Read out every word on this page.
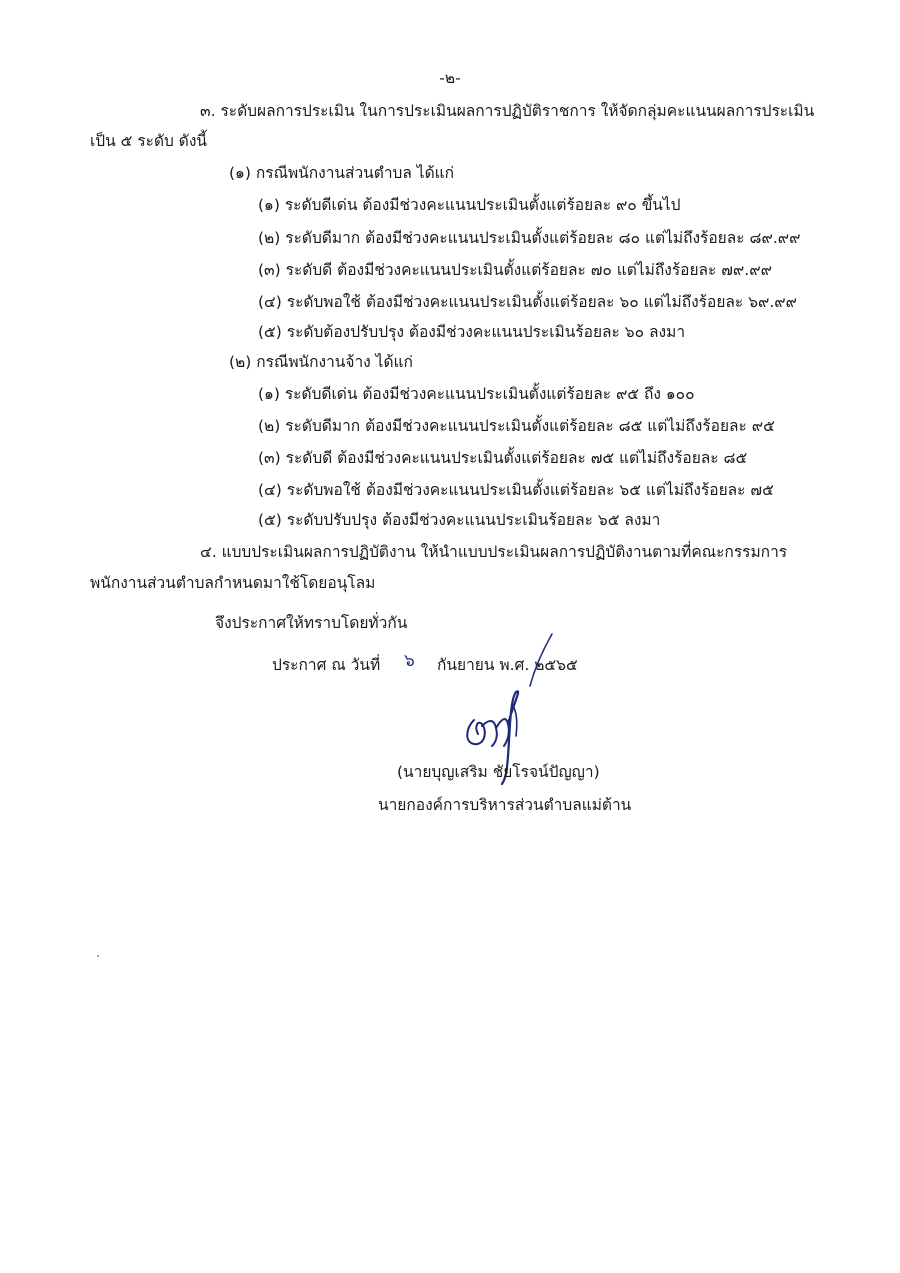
-๒-
๓. ระดับผลการประเมิน ในการประเมินผลการปฏิบัติราชการ ให้จัดกลุ่มคะแนนผลการประเมิน
เป็น ๕ ระดับ ดังนี้
(๑) กรณีพนักงานส่วนตำบล ได้แก่
(๑) ระดับดีเด่น ต้องมีช่วงคะแนนประเมินตั้งแต่ร้อยละ ๙๐ ขึ้นไป
(๒) ระดับดีมาก ต้องมีช่วงคะแนนประเมินตั้งแต่ร้อยละ ๘๐ แต่ไม่ถึงร้อยละ ๘๙.๙๙
(๓) ระดับดี ต้องมีช่วงคะแนนประเมินตั้งแต่ร้อยละ ๗๐ แต่ไม่ถึงร้อยละ ๗๙.๙๙
(๔) ระดับพอใช้ ต้องมีช่วงคะแนนประเมินตั้งแต่ร้อยละ ๖๐ แต่ไม่ถึงร้อยละ ๖๙.๙๙
(๕) ระดับต้องปรับปรุง ต้องมีช่วงคะแนนประเมินร้อยละ ๖๐ ลงมา
(๒) กรณีพนักงานจ้าง ได้แก่
(๑) ระดับดีเด่น ต้องมีช่วงคะแนนประเมินตั้งแต่ร้อยละ ๙๕ ถึง ๑๐๐
(๒) ระดับดีมาก ต้องมีช่วงคะแนนประเมินตั้งแต่ร้อยละ ๘๕ แต่ไม่ถึงร้อยละ ๙๕
(๓) ระดับดี ต้องมีช่วงคะแนนประเมินตั้งแต่ร้อยละ ๗๕ แต่ไม่ถึงร้อยละ ๘๕
(๔) ระดับพอใช้ ต้องมีช่วงคะแนนประเมินตั้งแต่ร้อยละ ๖๕ แต่ไม่ถึงร้อยละ ๗๕
(๕) ระดับปรับปรุง ต้องมีช่วงคะแนนประเมินร้อยละ ๖๕ ลงมา
๔. แบบประเมินผลการปฏิบัติงาน ให้นำแบบประเมินผลการปฏิบัติงานตามที่คณะกรรมการ
พนักงานส่วนตำบลกำหนดมาใช้โดยอนุโลม
จึงประกาศให้ทราบโดยทั่วกัน
ประกาศ ณ วันที่ ๖ กันยายน พ.ศ. ๒๕๖๕
(นายบุญเสริม ชัยโรจน์ปัญญา)
นายกองค์การบริหารส่วนตำบลแม่ต้าน
